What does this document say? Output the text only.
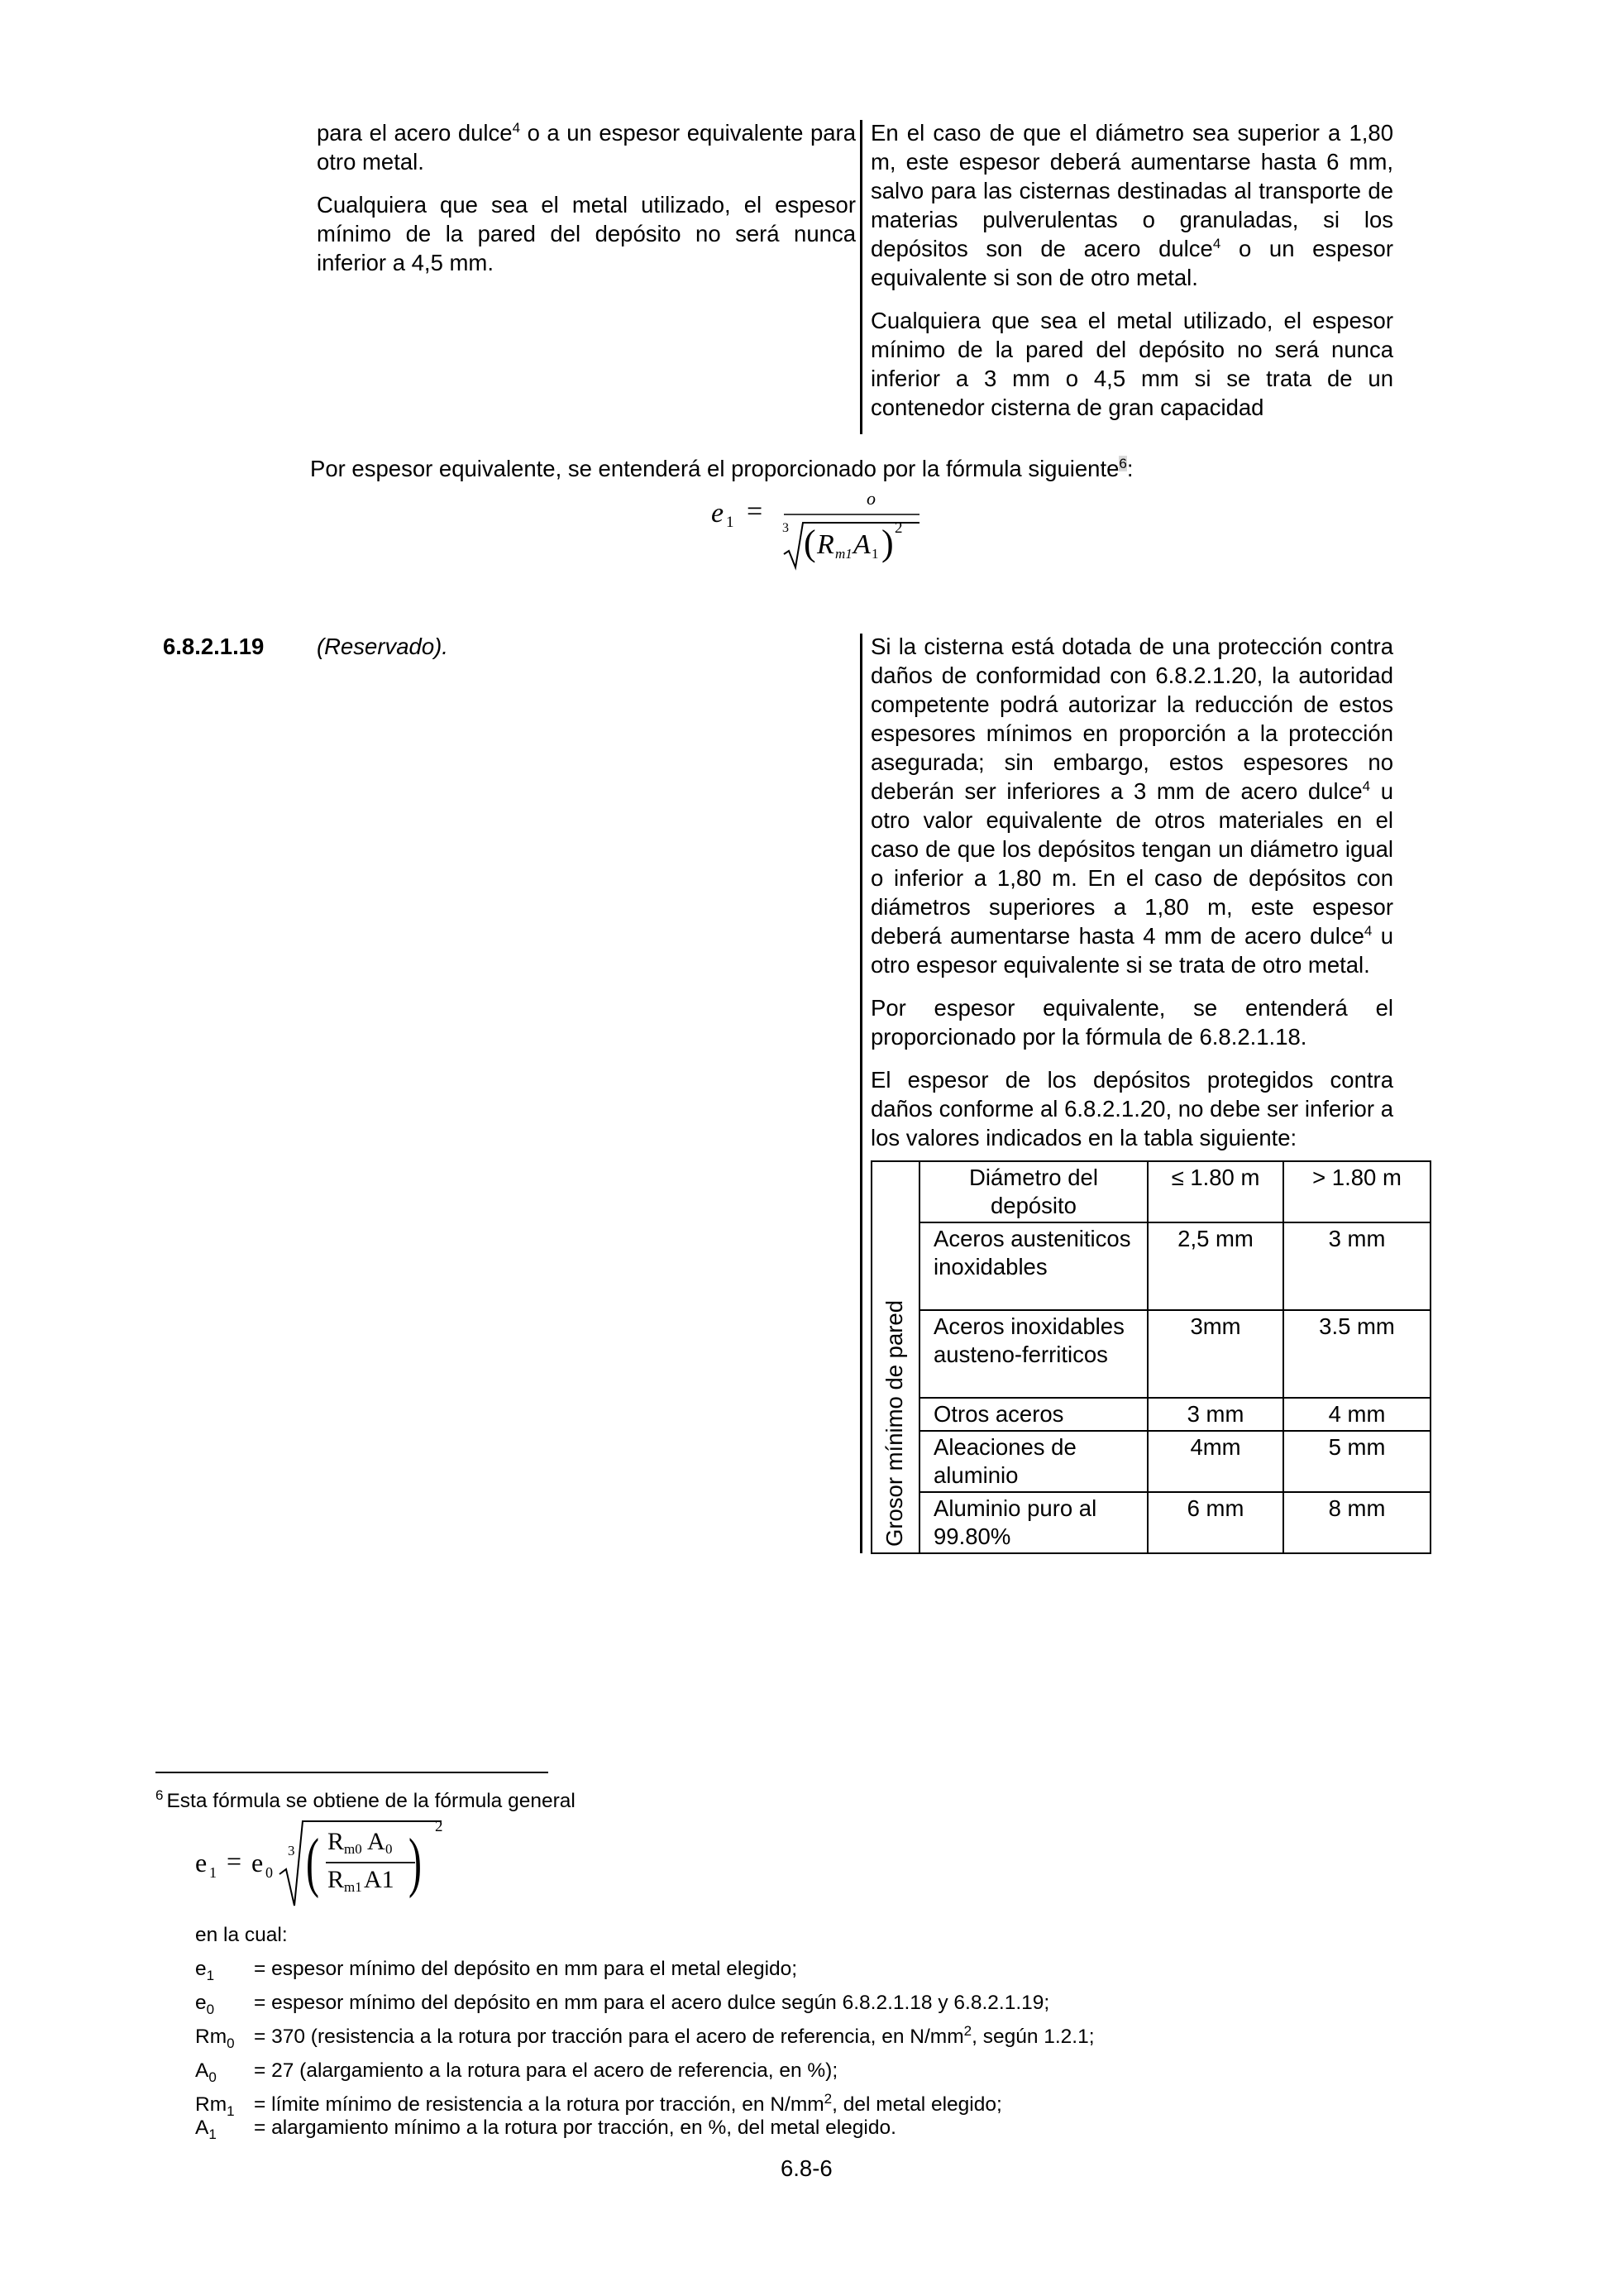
para el acero dulce$^4$ o a un espesor equivalente para otro metal.
Cualquiera que sea el metal utilizado, el espesor mínimo de la pared del depósito no será nunca inferior a 4,5 mm.
En el caso de que el diámetro sea superior a 1,80 m, este espesor deberá aumentarse hasta 6 mm, salvo para las cisternas destinadas al transporte de materias pulverulentas o granuladas, si los depósitos son de acero dulce$^4$ o un espesor equivalente si son de otro metal.
Cualquiera que sea el metal utilizado, el espesor mínimo de la pared del depósito no será nunca inferior a 3 mm o 4,5 mm si se trata de un contenedor cisterna de gran capacidad
Por espesor equivalente, se entenderá el proporcionado por la fórmula siguiente$^6$:
e 1 =	o
3 ( R m1 A 1 ) 2
6.8.2.1.19 (Reservado).	Si la cisterna está dotada de una protección contra daños de conformidad con 6.8.2.1.20, la autoridad competente podrá autorizar la reducción de estos espesores mínimos en proporción a la protección asegurada; sin embargo, estos espesores no deberán ser inferiores a 3 mm de acero dulce$^4$ u otro valor equivalente de otros materiales en el caso de que los depósitos tengan un diámetro igual o inferior a 1,80 m. En el caso de depósitos con diámetros superiores a 1,80 m, este espesor deberá aumentarse hasta 4 mm de acero dulce$^4$ u otro espesor equivalente si se trata de otro metal.
Por espesor equivalente, se entenderá el proporcionado por la fórmula de 6.8.2.1.18.
El espesor de los depósitos protegidos contra daños conforme al 6.8.2.1.20, no debe ser inferior a los valores indicados en la tabla siguiente:
	Diámetro del depósito	≤ 1.80 m	> 1.80 m
	Aceros austeniticos inoxidables	2,5 mm	3 mm
	Aceros inoxidables austeno-ferriticos	3mm	3.5 mm
	Otros aceros	3 mm	4 mm
	Aleaciones de aluminio	4mm	5 mm
	Aluminio puro al 99.80%	6 mm	8 mm
Grosor mínimo de pared
$^6$ Esta fórmula se obtiene de la fórmula general
e 1 = e 0
3 ( R m0 A 0
R m1 A1 ) 2
en la cual:
$e_1$ = espesor mínimo del depósito en mm para el metal elegido;
$e_0$ = espesor mínimo del depósito en mm para el acero dulce según 6.8.2.1.18 y 6.8.2.1.19;
$Rm_0 = 370$ (resistencia a la rotura por tracción para el acero de referencia, en $N/mm^2$, según 1.2.1;
$A_0 = 27$ (alargamiento a la rotura para el acero de referencia, en %);
$Rm_1$ = límite mínimo de resistencia a la rotura por tracción, en $N/mm^2$, del metal elegido;
$A_1$ = alargamiento mínimo a la rotura por tracción, en %, del metal elegido.
6.8-6
